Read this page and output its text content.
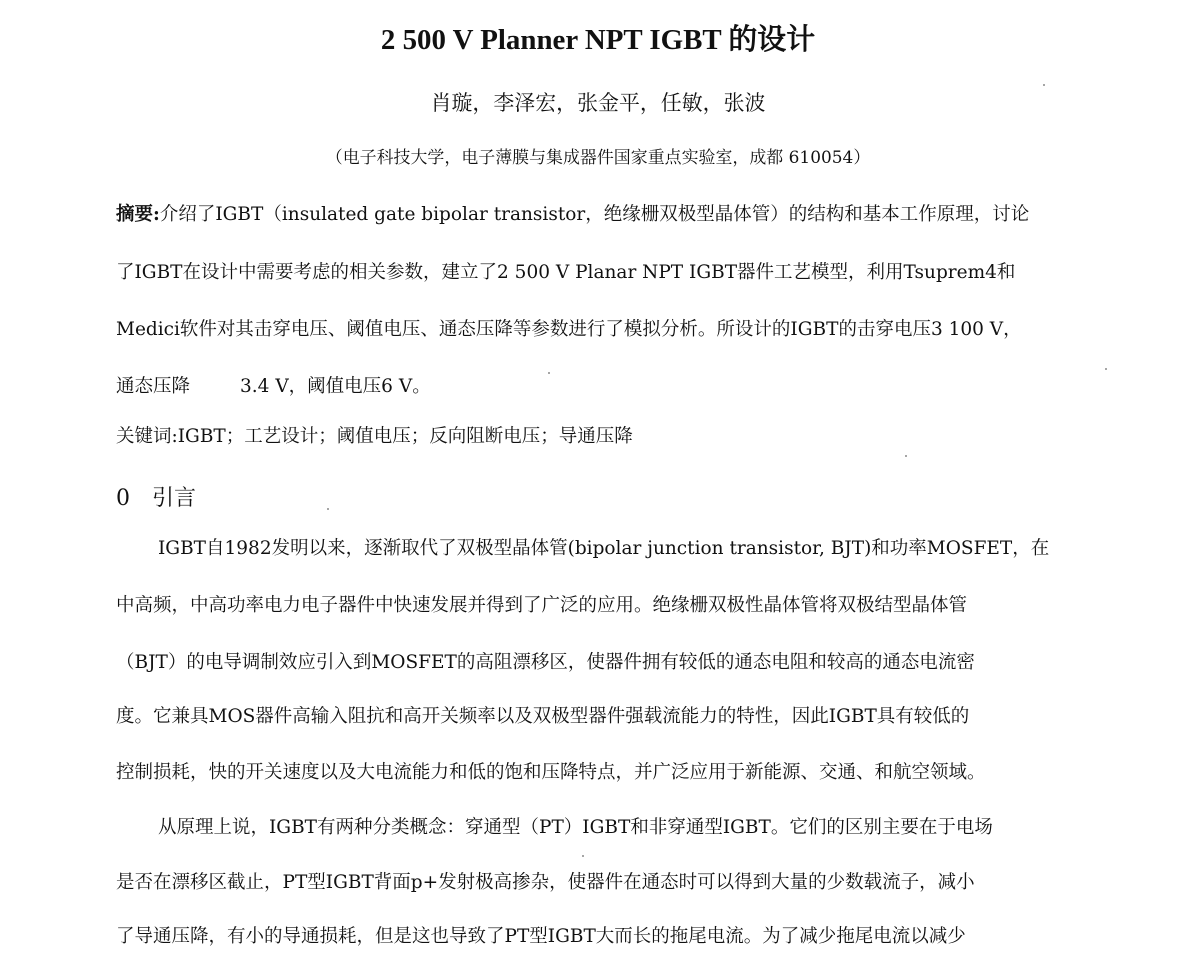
2 500 V Planner NPT IGBT 的设计
肖璇，李泽宏，张金平，任敏，张波
（电子科技大学，电子薄膜与集成器件国家重点实验室，成都 610054）
摘要:介绍了IGBT（insulated gate bipolar transistor，绝缘栅双极型晶体管）的结构和基本工作原理，讨论
了IGBT在设计中需要考虑的相关参数，建立了2 500 V Planar NPT IGBT器件工艺模型，利用Tsuprem4和
Medici软件对其击穿电压、阈值电压、通态压降等参数进行了模拟分析。所设计的IGBT的击穿电压3 100 V，
通态压降	3.4 V，阈值电压6 V。
关键词:IGBT；工艺设计；阈值电压；反向阻断电压；导通压降
0 引言
IGBT自1982发明以来，逐渐取代了双极型晶体管(bipolar junction transistor, BJT)和功率MOSFET，在
中高频，中高功率电力电子器件中快速发展并得到了广泛的应用。绝缘栅双极性晶体管将双极结型晶体管
（BJT）的电导调制效应引入到MOSFET的高阻漂移区，使器件拥有较低的通态电阻和较高的通态电流密
度。它兼具MOS器件高输入阻抗和高开关频率以及双极型器件强载流能力的特性，因此IGBT具有较低的
控制损耗，快的开关速度以及大电流能力和低的饱和压降特点，并广泛应用于新能源、交通、和航空领域。
从原理上说，IGBT有两种分类概念：穿通型（PT）IGBT和非穿通型IGBT。它们的区别主要在于电场
是否在漂移区截止，PT型IGBT背面p+发射极高掺杂，使器件在通态时可以得到大量的少数载流子，减小
了导通压降，有小的导通损耗，但是这也导致了PT型IGBT大而长的拖尾电流。为了减少拖尾电流以减少
